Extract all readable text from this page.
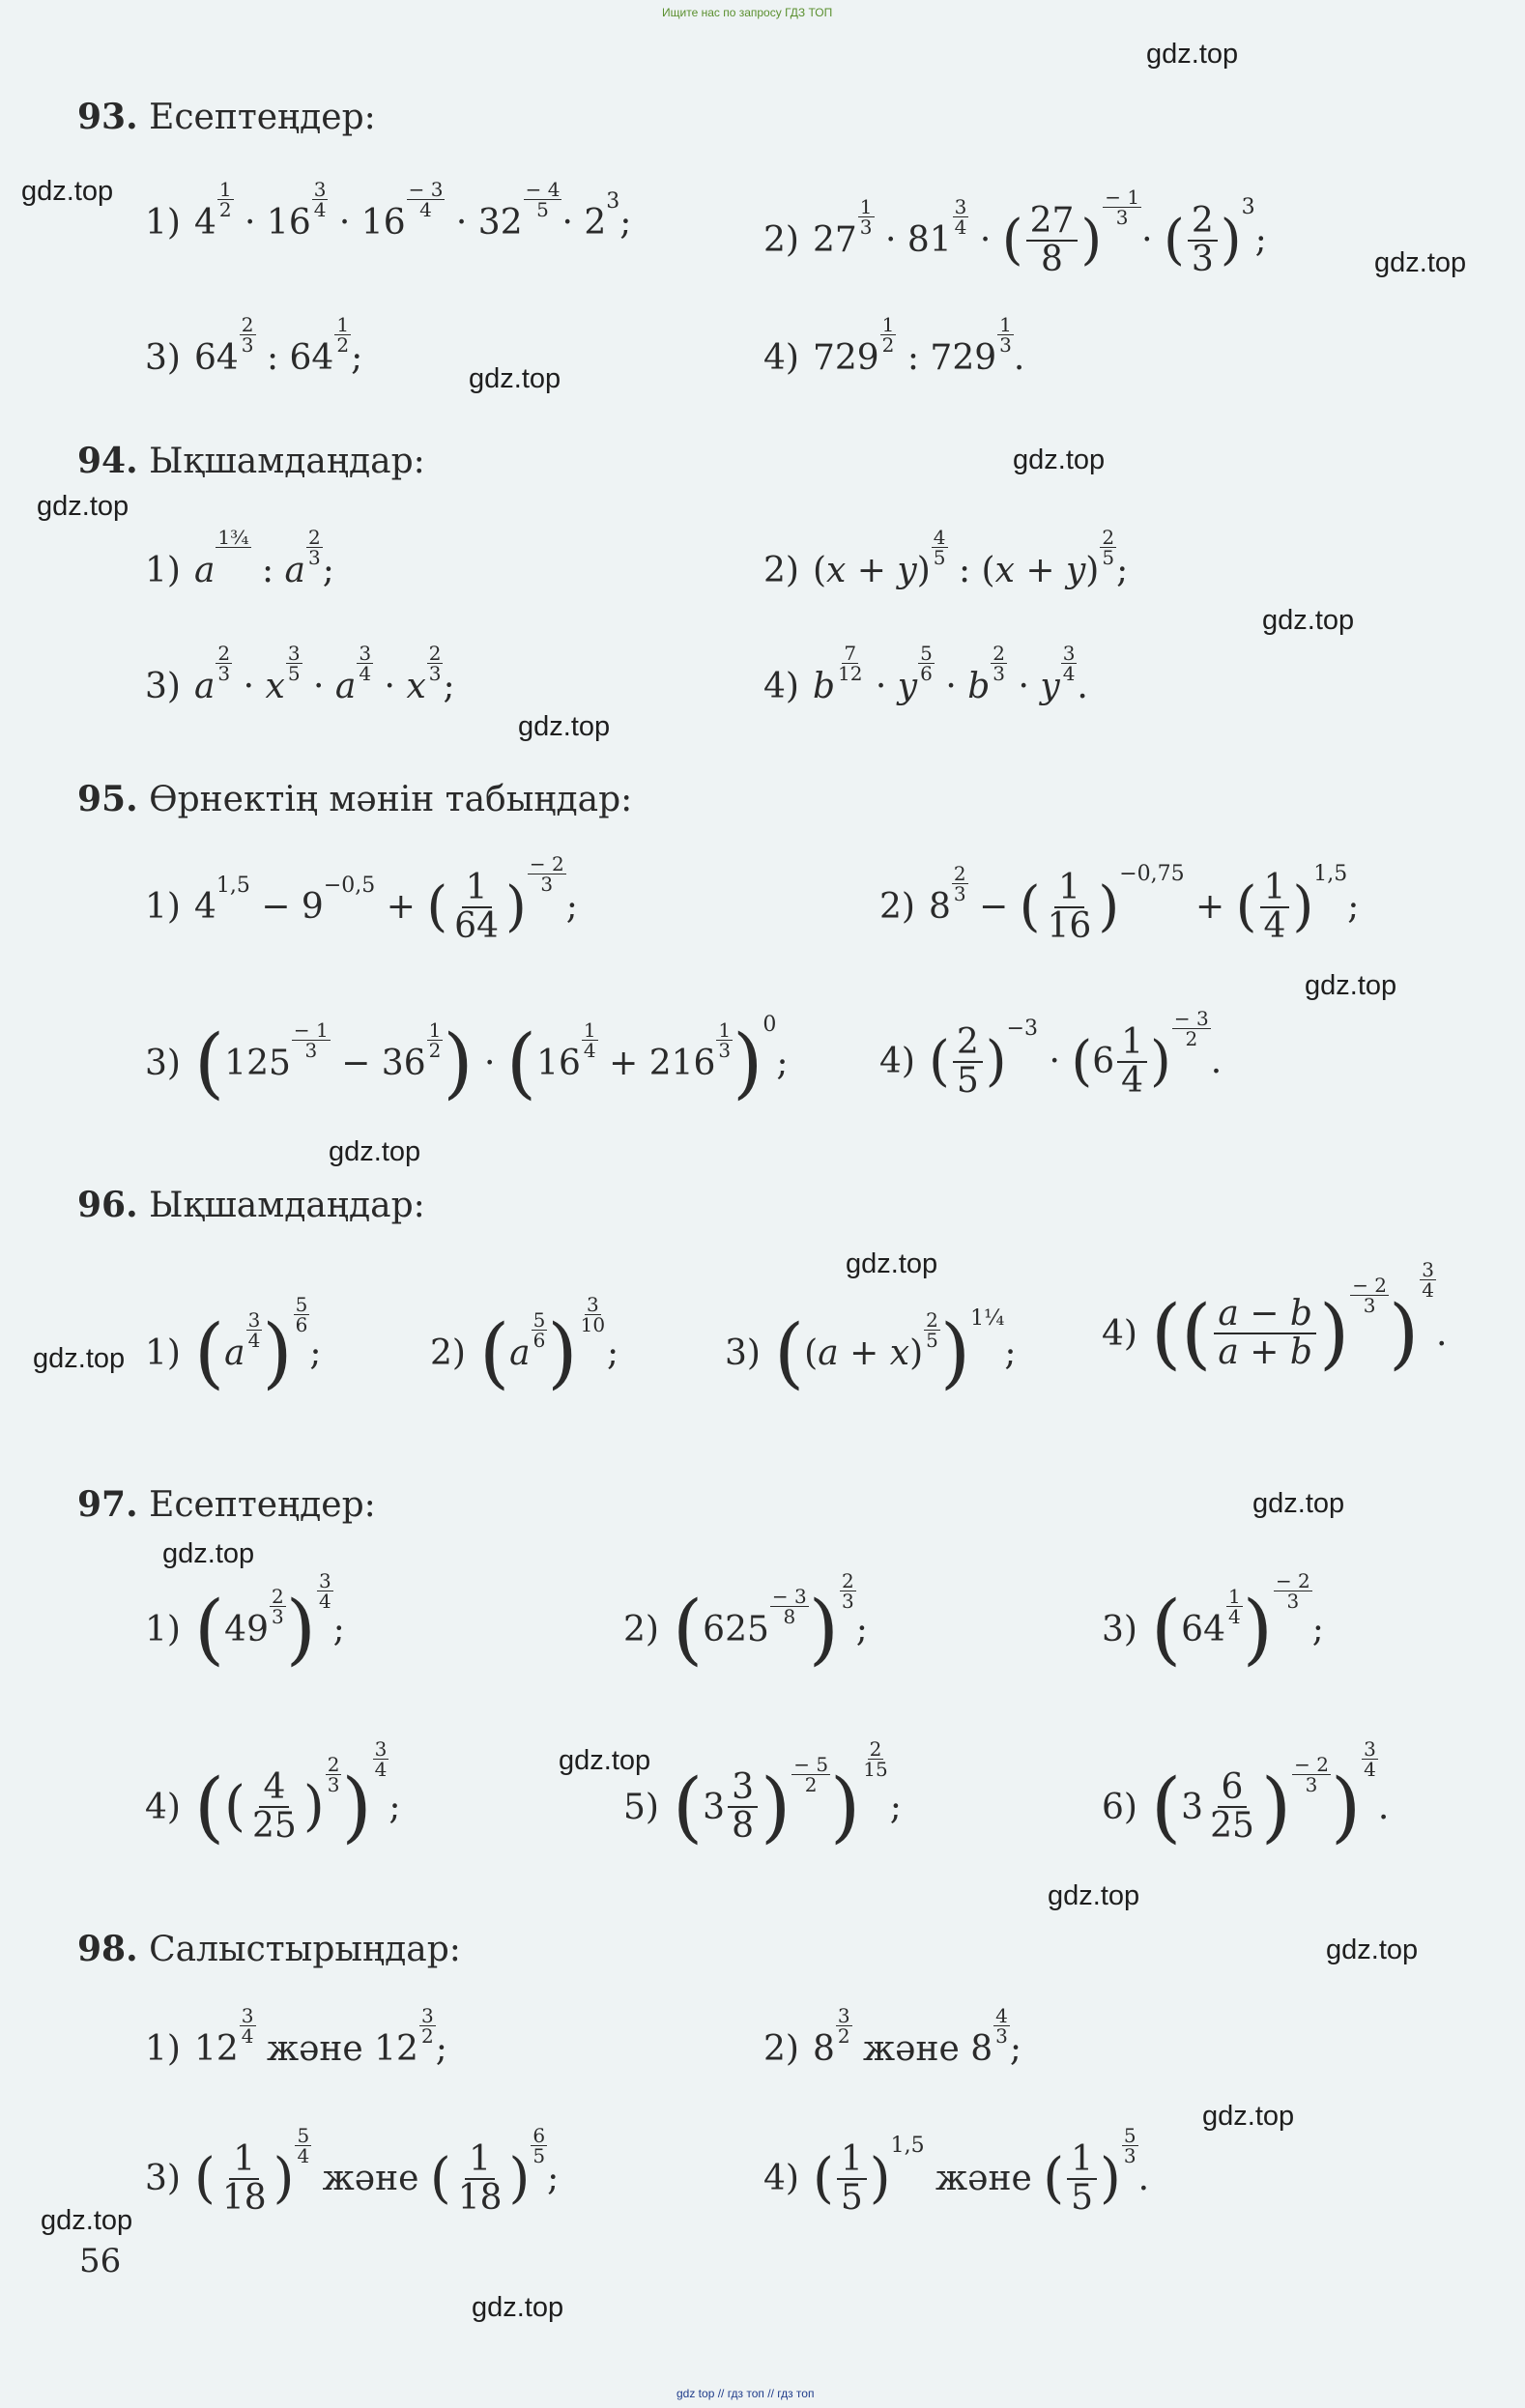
Ищите нас по запросу ГДЗ ТОП
gdz.top
gdz.top
gdz.top
gdz.top
gdz.top
gdz.top
gdz.top
gdz.top
gdz.top
gdz.top
gdz.top
gdz.top
gdz.top
gdz.top
gdz.top
gdz.top
gdz.top
gdz.top
gdz.top
gdz.top
93. Есептеңдер:
1) 4
1
2 · 16
3
4 · 16
− 3
4 · 32
− 4
5 · 2
3
;	2) 27
1
3 · 81
3
4 · ( $\frac{27}{8}$ )
− 1
3
· ( $\frac{2}{3}$ )
3
;
3) 64
2
3 : 64
1
2 ;	4) 729
1
2 : 729
1
3 .
94. Ықшамдаңдар:
1) a
1¾

: a
2
3 ;	2) ( x + y )
4
5 : ( x + y )
2
5 ;
3) a
2
3 · x
3
5 · a
3
4 · x
2
3 ;	4) b
7
12 · y
5
6 · b
2
3 · y
3
4 .
95. Өрнектің мәнін табыңдар:
1) 4
1,5
− 9
−0,5
+ ( $\frac{1}{64}$ )
− 2
3
;	2) 8
2
3 − ( $\frac{1}{16}$ )
−0,75
+ ( $\frac{1}{4}$ )
1,5
;
3) ( 125
− 1
3 − 36
1
2 ) · ( 16
1
4 + 216
1
3 ) 0
;	4) ( $\frac{2}{5}$ )
−3
· ( $6 \frac{1}{4}$ )
− 3
2
.
96. Ықшамдаңдар:
1) ( a
3
4 )
5
6
;	2) ( a
5
6 )
3
10
;	3) ( ( a + x )
2
5 ) 1¼
; 4) ( ( $\frac{a - b}{a + b}$ )
− 2
3 )
3
4
.
97. Есептеңдер:
1) ( 49
2
3 )
3
4
;	2) ( 625
− 3
8 )
2
3
;	3) ( 64
1
4 )
− 2
3
;
4) ( ( $\frac{4}{25}$ )
2
3 )
3
4
;	5) ( $3 \frac{3}{8}$ ) − 5
2 )
2
15
;	6) ( $3 \frac{6}{25}$ ) − 2
3 )
3
4
.
98. Салыстырыңдар:
1) 12
3
4
және 12
3
2 ;	2) 8
3
2
және 8
4
3 ;
3) ( $\frac{1}{18}$ )
5
4

және
( $\frac{1}{18}$ )
6
5
;	4) ( $\frac{1}{5}$ )
1,5

және
( $\frac{1}{5}$ )
5
3
.
56
gdz top // гдз топ // гдз топ
